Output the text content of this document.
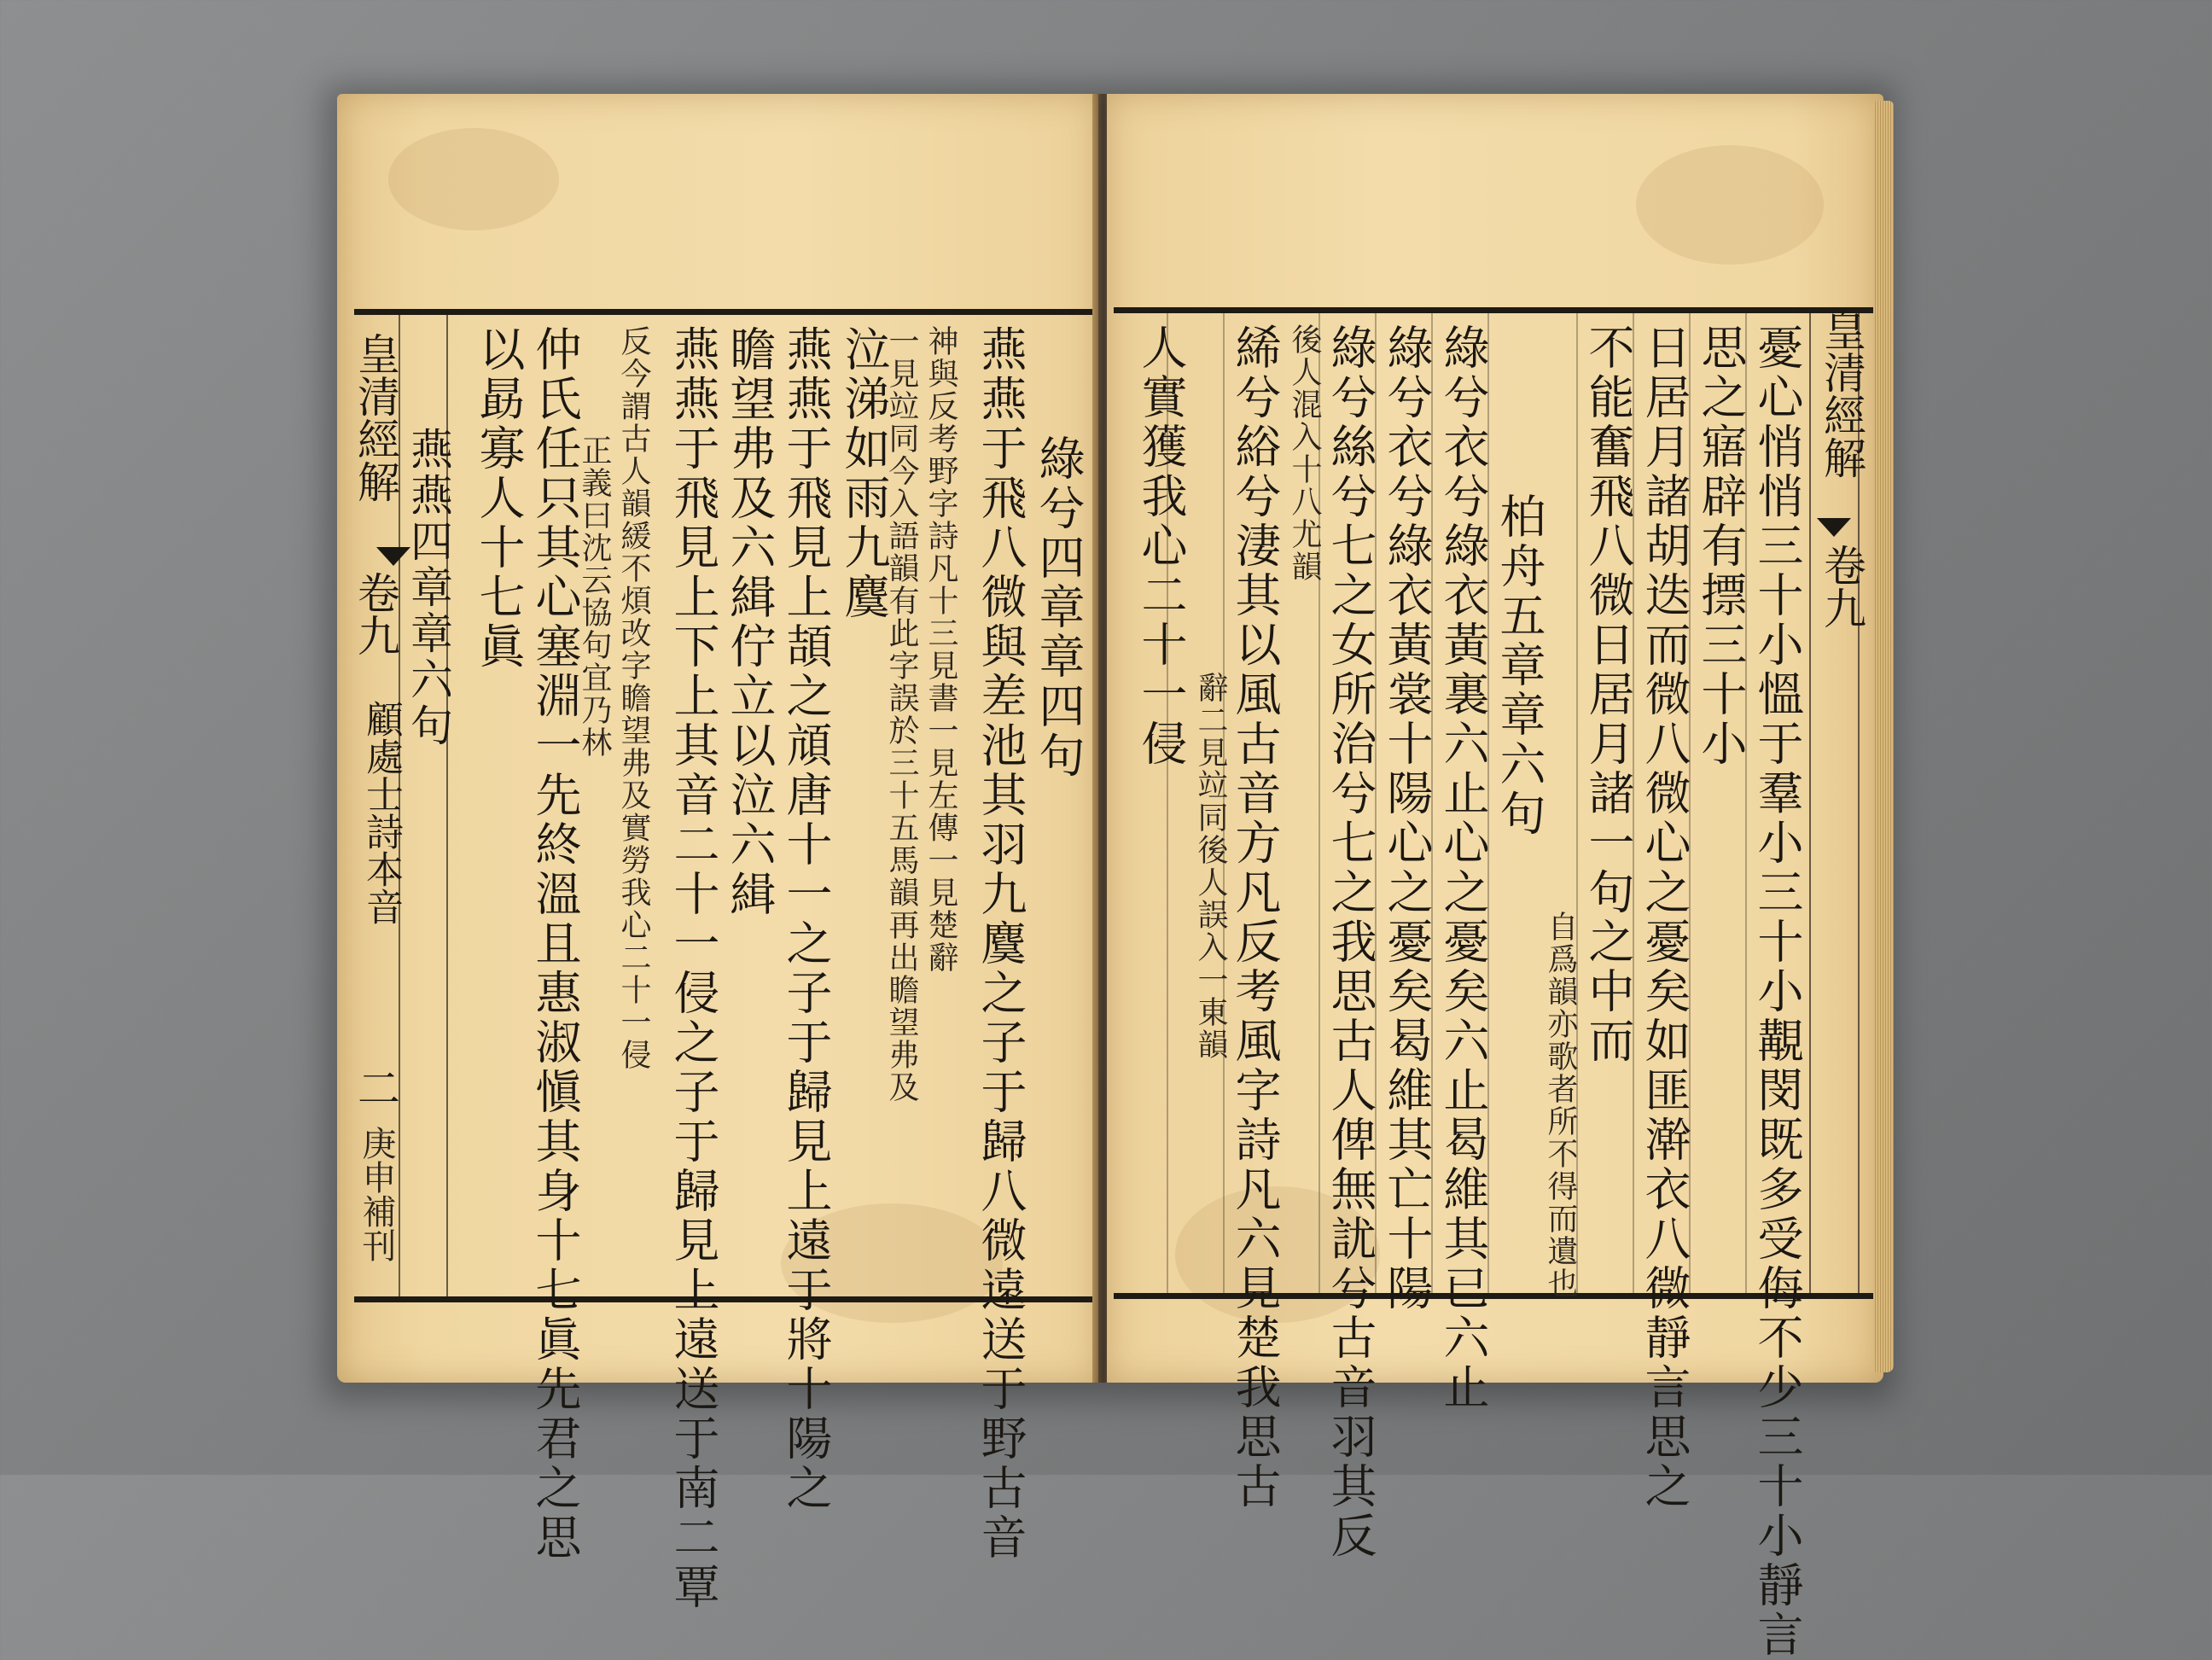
皇清經解
卷九
二
庚申補刊
綠兮四章章四句
燕燕于飛八微與差池其羽九麌之子于歸八微遠送于野古音
神與反考野字詩凡十三見書一見左傳一見楚辭
一見竝同今入語韻有此字誤於三十五馬韻再出瞻望弗及
泣涕如雨九麌
燕燕于飛見上頡之頏唐十一之子于歸見上遠于將十陽之
瞻望弗及六緝佇立以泣六緝
燕燕于飛見上下上其音二十一侵之子于歸見上遠送于南二覃
反今謂古人韻緩不煩改字瞻望弗及實勞我心二十一侵
正義曰沈云協句宜乃林
仲氏任只其心塞淵一先終溫且惠淑愼其身十七眞先君之思
以勗寡人十七眞
燕燕四章章六句
顧處士詩本音
皇清經解
卷九
憂心悄悄三十小慍于羣小三十小覯閔既多受侮不少三十小靜言
思之寤辟有摽三十小
日居月諸胡迭而微八微心之憂矣如匪澣衣八微靜言思之
不能奮飛八微日居月諸一句之中而
自爲韻亦歌者所不得而遺也
柏舟五章章六句
綠兮衣兮綠衣黃裏六止心之憂矣六止曷維其已六止
綠兮衣兮綠衣黃裳十陽心之憂矣曷維其亡十陽
綠兮絲兮七之女所治兮七之我思古人俾無訧兮古音羽其反
後人混入十八尤韻
絺兮綌兮淒其以風古音方凡反考風字詩凡六見楚我思古
辭二見竝同後人誤入一東韻
人實獲我心二十一侵
